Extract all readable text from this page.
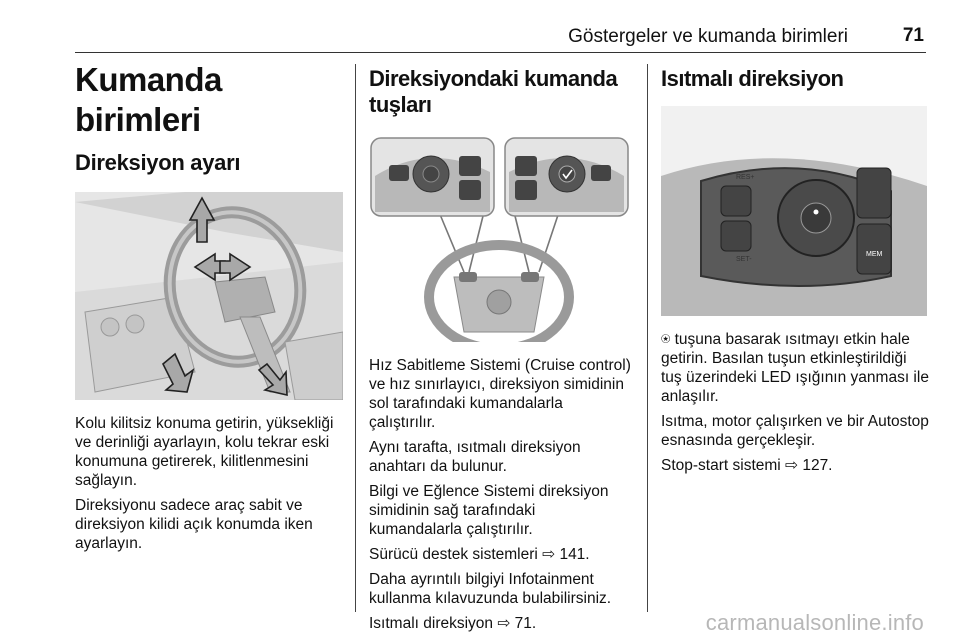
Göstergeler ve kumanda birimleri	71
Kumanda birimleri
Direksiyon ayarı

Kolu kilitsiz konuma getirin, yüksekliği ve derinliği ayarlayın, kolu tekrar eski konumuna getirerek, kilitlenmesini sağlayın.

Direksiyonu sadece araç sabit ve direksiyon kilidi açık konumda iken ayarlayın.

Direksiyondaki kumanda tuşları

Hız Sabitleme Sistemi (Cruise control) ve hız sınırlayıcı, direksiyon simidinin sol tarafındaki kumandalarla çalıştırılır.

Aynı tarafta, ısıtmalı direksiyon anahtarı da bulunur.

Bilgi ve Eğlence Sistemi direksiyon simidinin sağ tarafındaki kumandalarla çalıştırılır.

Sürücü destek sistemleri ⇨ 141.

Daha ayrıntılı bilgiyi Infotainment kullanma kılavuzunda bulabilirsiniz.

Isıtmalı direksiyon ⇨ 71.

Isıtmalı direksiyon
RES+
SET-
MEM

⍟ tuşuna basarak ısıtmayı etkin hale getirin. Basılan tuşun etkinleştirildiği tuş üzerindeki LED ışığının yanması ile anlaşılır.

Isıtma, motor çalışırken ve bir Autostop esnasında gerçekleşir.

Stop-start sistemi ⇨ 127.

carmanualsonline.info
